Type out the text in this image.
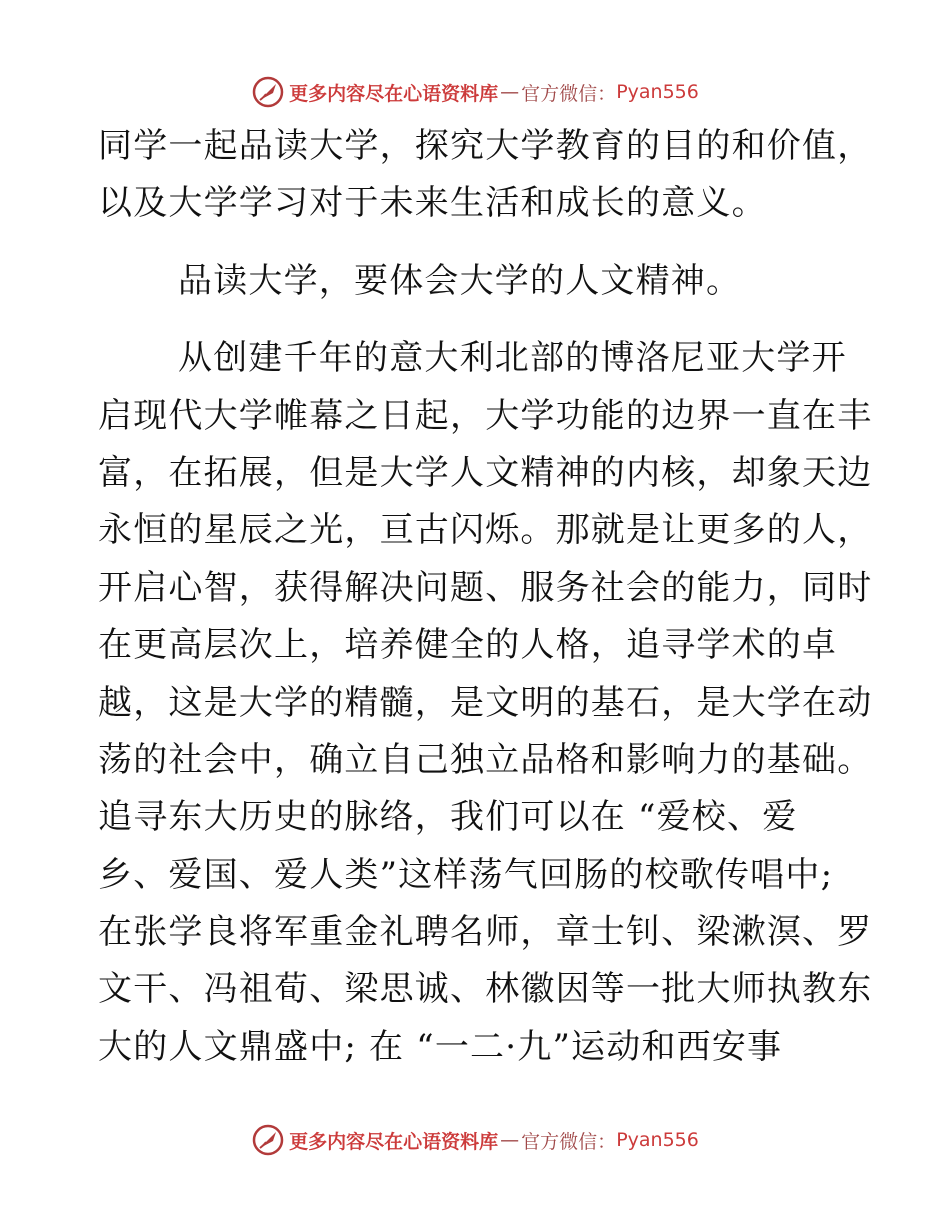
更多内容尽在心语资料库 — 官方微信： Pyan556
同学一起品读大学，探究大学教育的目的和价值，
以及大学学习对于未来生活和成长的意义。
品读大学，要体会大学的人文精神。
从创建千年的意大利北部的博洛尼亚大学开
启现代大学帷幕之日起，大学功能的边界一直在丰
富，在拓展，但是大学人文精神的内核，却象天边
永恒的星辰之光，亘古闪烁。那就是让更多的人，
开启心智，获得解决问题、服务社会的能力，同时
在更高层次上，培养健全的人格，追寻学术的卓
越，这是大学的精髓，是文明的基石，是大学在动
荡的社会中，确立自己独立品格和影响力的基础。
追寻东大历史的脉络，我们可以在 “爱校、爱
乡、爱国、爱人类”这样荡气回肠的校歌传唱中;
在张学良将军重金礼聘名师，章士钊、梁漱溟、罗
文干、冯祖荀、梁思诚、林徽因等一批大师执教东
大的人文鼎盛中; 在 “一二·九”运动和西安事
更多内容尽在心语资料库 — 官方微信： Pyan556
